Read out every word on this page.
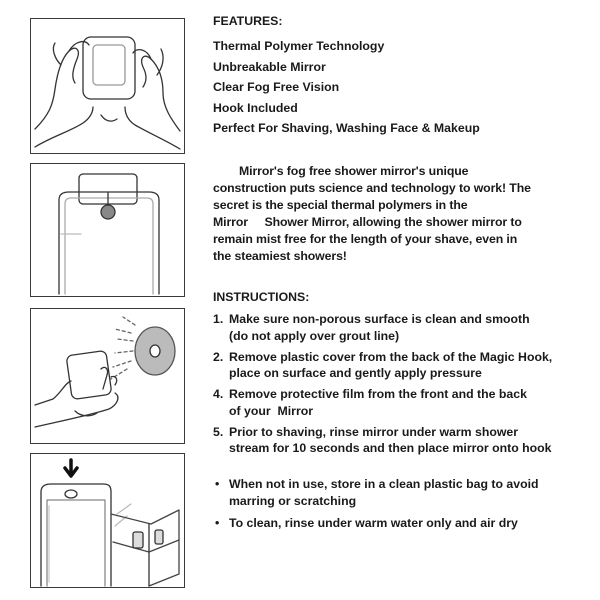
FEATURES:
Thermal Polymer Technology
Unbreakable Mirror
Clear Fog Free Vision
Hook Included
Perfect For Shaving, Washing Face & Makeup
Mirror's fog free shower mirror's unique
construction puts science and technology to work! The
secret is the special thermal polymers in the
Mirror     Shower Mirror, allowing the shower mirror to
remain mist free for the length of your shave, even in
the steamiest showers!
INSTRUCTIONS:
1. Make sure non-porous surface is clean and smooth
(do not apply over grout line)
2. Remove plastic cover from the back of the Magic Hook,
place on surface and gently apply pressure
4. Remove protective film from the front and the back
of your  Mirror
5. Prior to shaving, rinse mirror under warm shower
stream for 10 seconds and then place mirror onto hook
• When not in use, store in a clean plastic bag to avoid
marring or scratching
• To clean, rinse under warm water only and air dry
